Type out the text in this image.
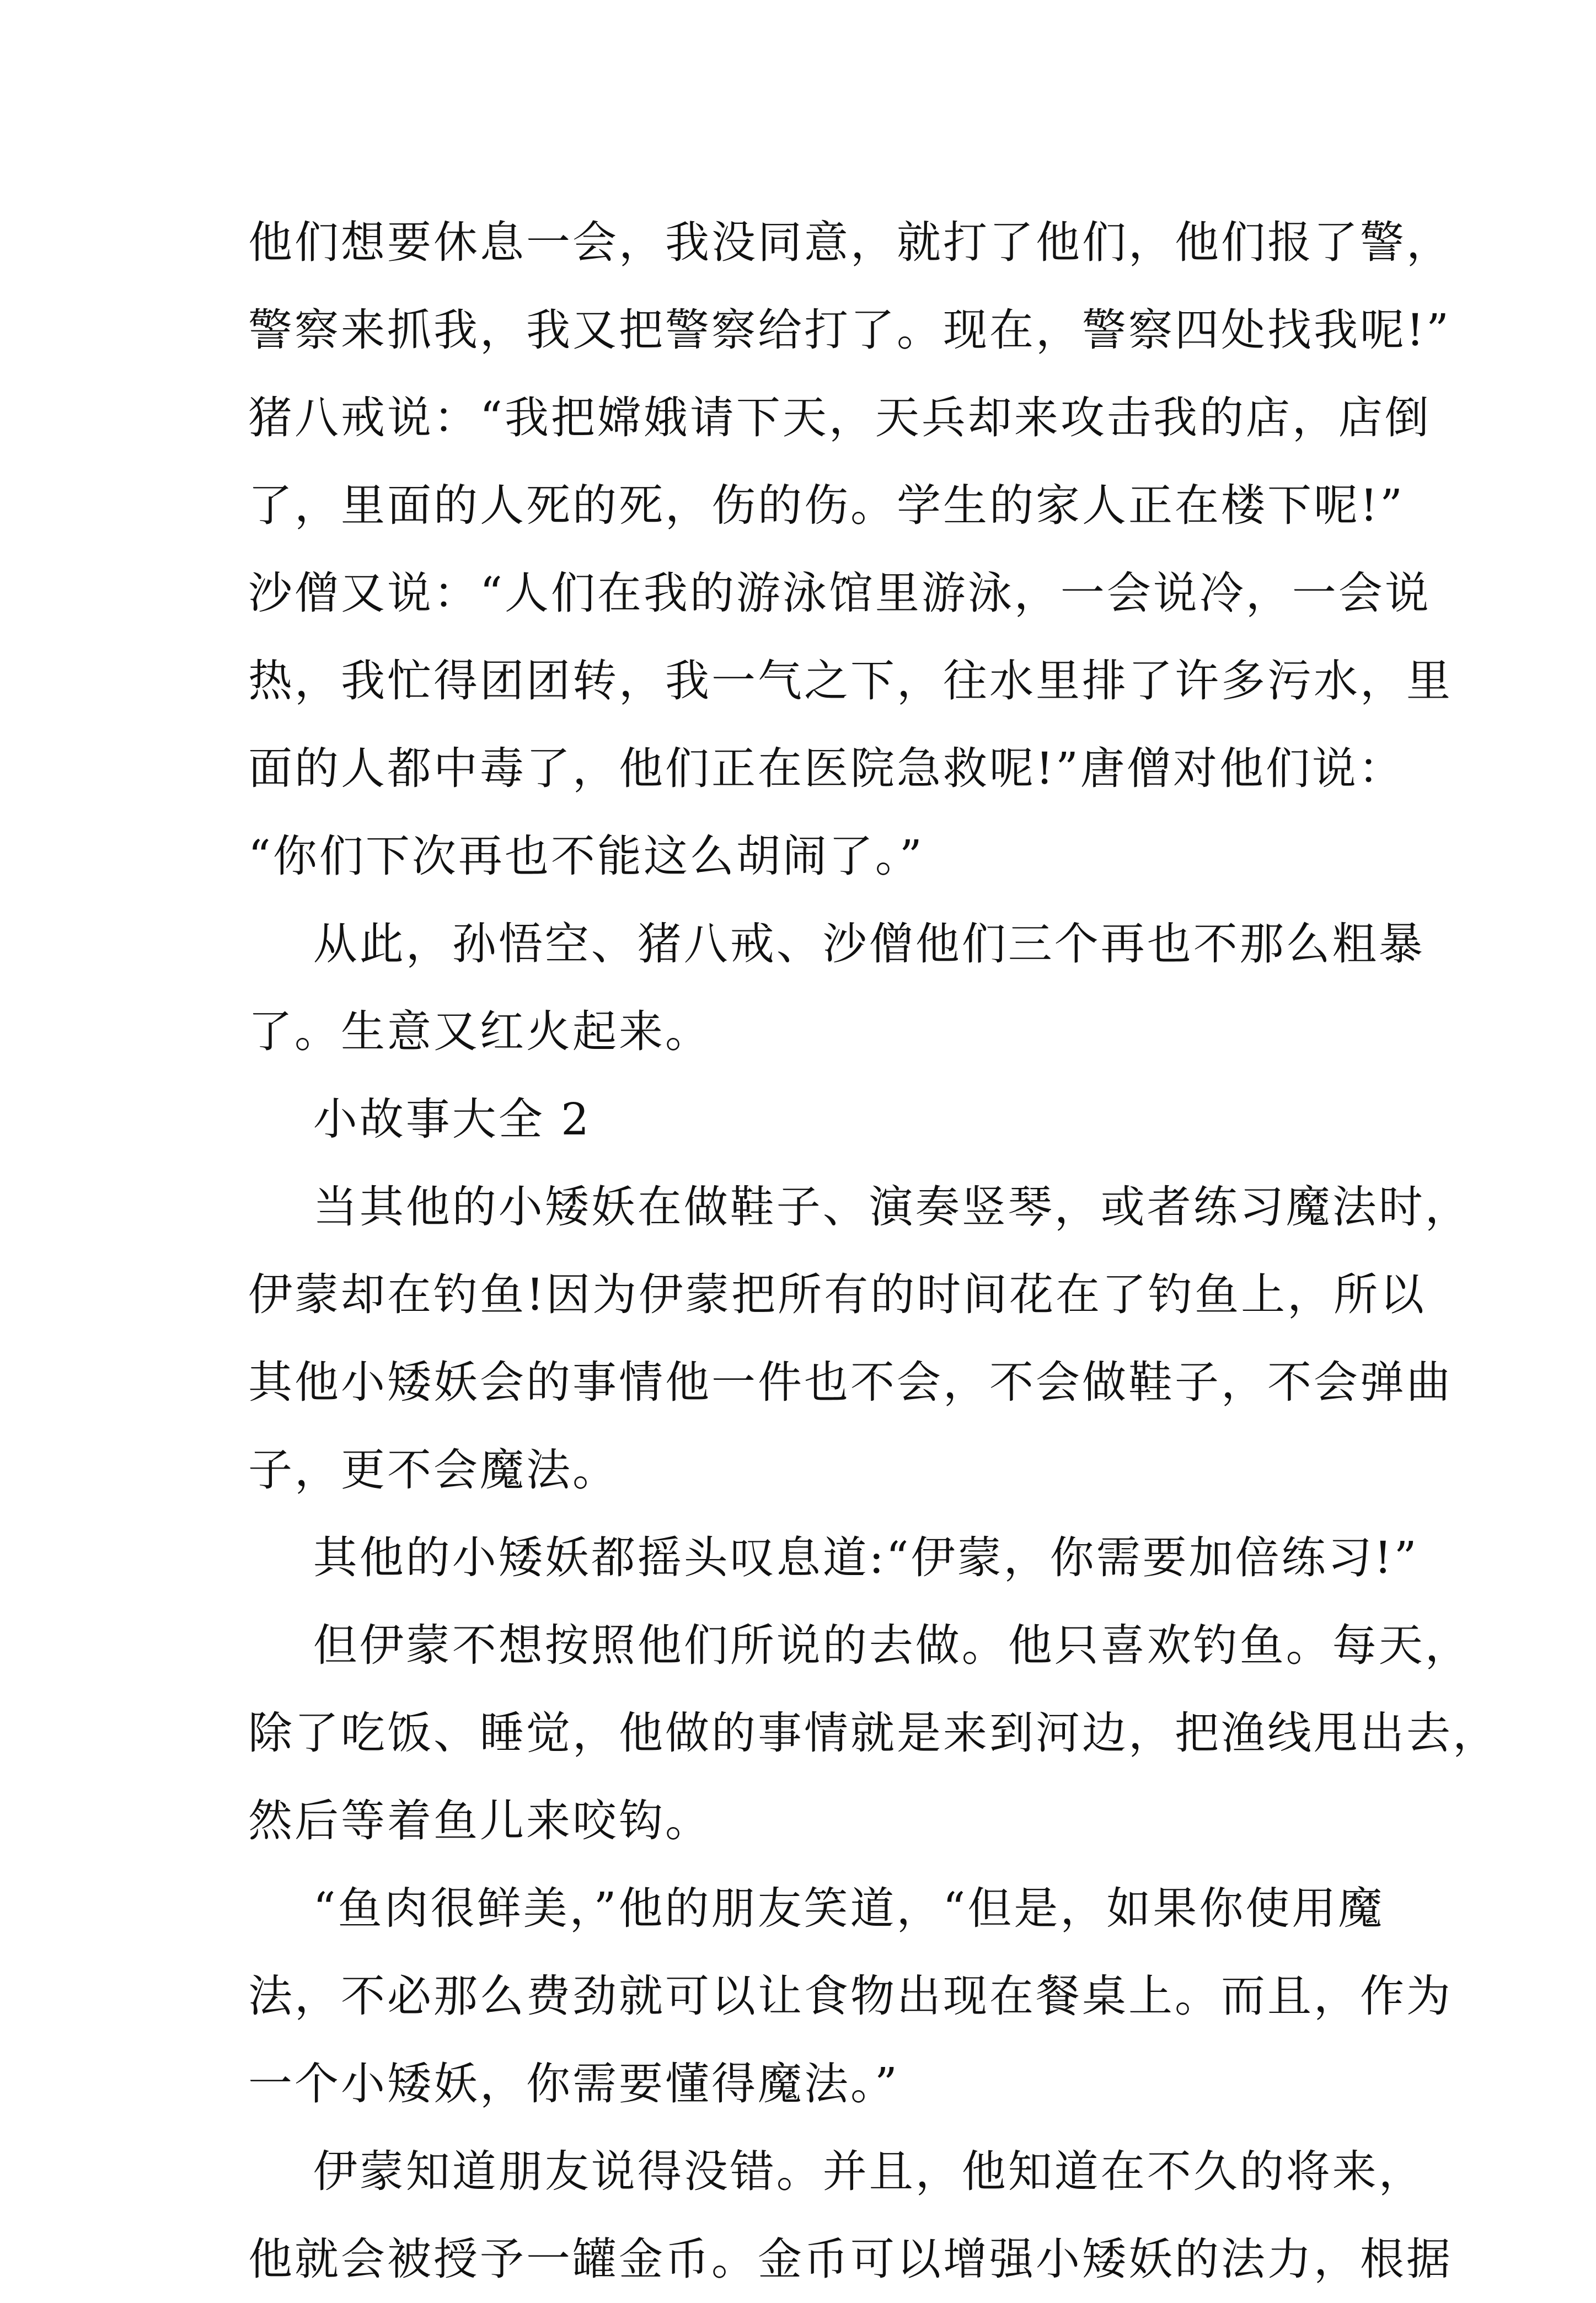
他们想要休息一会，我没同意，就打了他们，他们报了警，
警察来抓我，我又把警察给打了。现在，警察四处找我呢!”
猪八戒说：“我把嫦娥请下天，天兵却来攻击我的店，店倒
了，里面的人死的死，伤的伤。学生的家人正在楼下呢!”
沙僧又说：“人们在我的游泳馆里游泳，一会说冷，一会说
热，我忙得团团转，我一气之下，往水里排了许多污水，里
面的人都中毒了，他们正在医院急救呢!”唐僧对他们说：
“你们下次再也不能这么胡闹了。”
从此，孙悟空、猪八戒、沙僧他们三个再也不那么粗暴
了。生意又红火起来。
小故事大全 2
当其他的小矮妖在做鞋子、演奏竖琴，或者练习魔法时，
伊蒙却在钓鱼!因为伊蒙把所有的时间花在了钓鱼上，所以
其他小矮妖会的事情他一件也不会，不会做鞋子，不会弹曲
子，更不会魔法。
其他的小矮妖都摇头叹息道:“伊蒙，你需要加倍练习!”
但伊蒙不想按照他们所说的去做。他只喜欢钓鱼。每天，
除了吃饭、睡觉，他做的事情就是来到河边，把渔线甩出去，
然后等着鱼儿来咬钩。
“鱼肉很鲜美，”他的朋友笑道，“但是，如果你使用魔
法，不必那么费劲就可以让食物出现在餐桌上。而且，作为
一个小矮妖，你需要懂得魔法。”
伊蒙知道朋友说得没错。并且，他知道在不久的将来，
他就会被授予一罐金币。金币可以增强小矮妖的法力，根据
